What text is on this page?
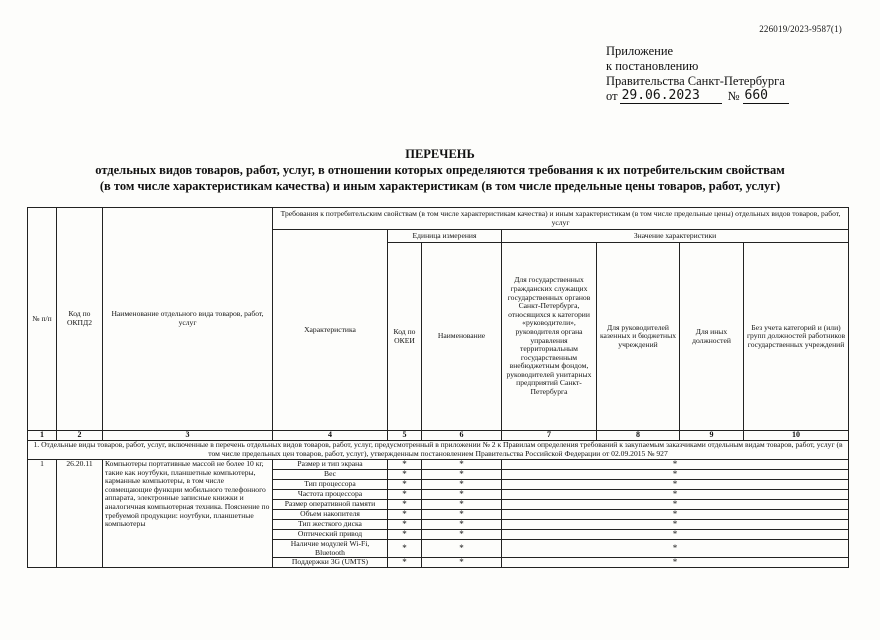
226019/2023-9587(1)
Приложение
к постановлению
Правительства Санкт-Петербурга
от 29.06.2023	№ 660
ПЕРЕЧЕНЬ
отдельных видов товаров, работ, услуг, в отношении которых определяются требования к их потребительским свойствам
(в том числе характеристикам качества) и иным характеристикам (в том числе предельные цены товаров, работ, услуг)
№ п/п	Код по ОКПД2	Наименование отдельного вида товаров, работ, услуг	Требования к потребительским свойствам (в том числе характеристикам качества) и иным характеристикам (в том числе предельные цены) отдельных видов товаров, работ, услуг						
			Характеристика	Единица измерения		Значение характеристики			
				Код по ОКЕИ	Наименование	Для государственных гражданских служащих государственных органов Санкт-Петербурга, относящихся к категории «руководители», руководителя органа управления территориальным государственным внебюджетным фондом, руководителей унитарных предприятий Санкт-Петербурга	Для руководителей казенных и бюджетных учреждений	Для иных должностей	Без учета категорий и (или) групп должностей работников государственных учреждений
1	2	3	4	5	6	7	8	9	10
1. Отдельные виды товаров, работ, услуг, включенные в перечень отдельных видов товаров, работ, услуг, предусмотренный в приложении № 2 к Правилам определения требований к закупаемым заказчиками отдельным видам товаров, работ, услуг (в том числе предельных цен товаров, работ, услуг), утвержденным постановлением Правительства Российской Федерации от 02.09.2015 № 927									
1	26.20.11	Компьютеры портативные массой не более 10 кг, такие как ноутбуки, планшетные компьютеры, карманные компьютеры, в том числе совмещающие функции мобильного телефонного аппарата, электронные записные книжки и аналогичная компьютерная техника. Пояснение по требуемой продукции: ноутбуки, планшетные компьютеры	Размер и тип экрана	*	*	*			
			Вес	*	*	*			
			Тип процессора	*	*	*			
			Частота процессора	*	*	*			
			Размер оперативной памяти	*	*	*			
			Объем накопителя	*	*	*			
			Тип жесткого диска	*	*	*			
			Оптический привод	*	*	*			
			Наличие модулей Wi-Fi, Bluetooth	*	*	*			
			Поддержки 3G (UMTS)	*	*	*			
